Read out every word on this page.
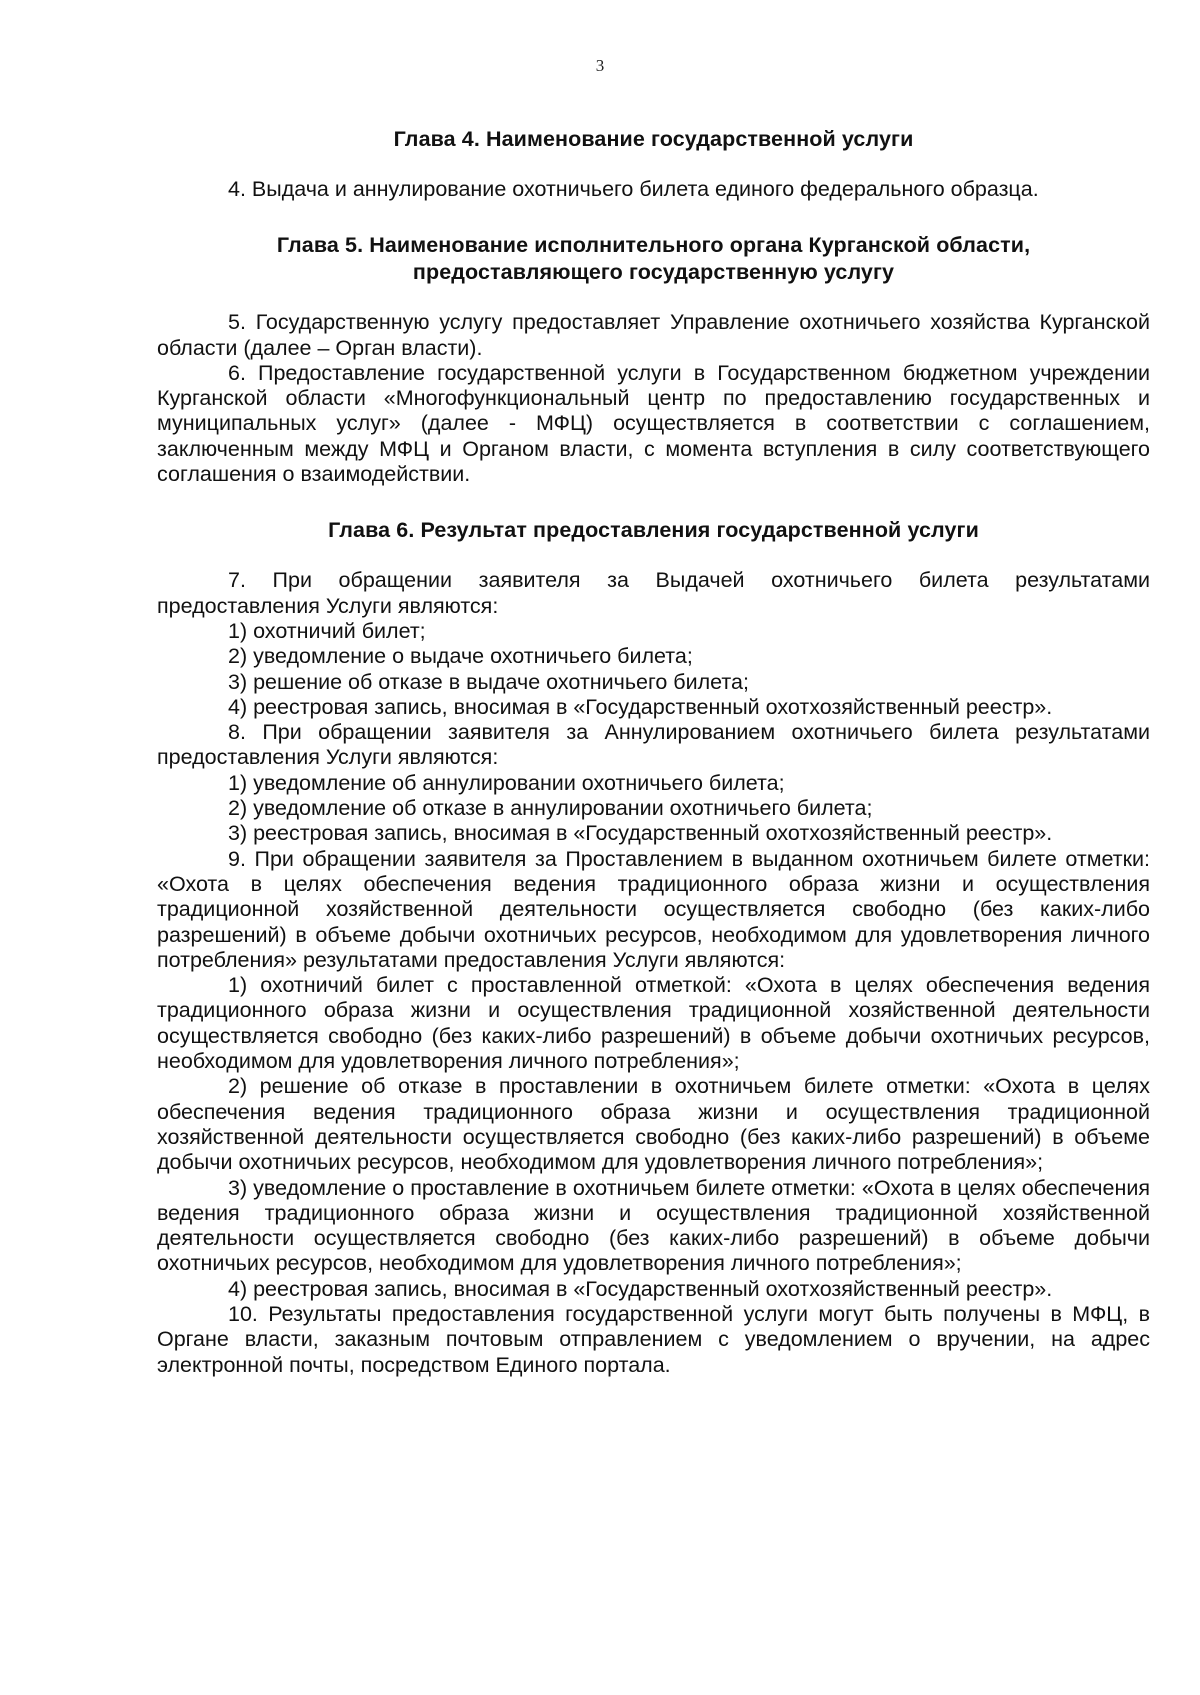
3
Глава 4. Наименование государственной услуги

4. Выдача и аннулирование охотничьего билета единого федерального образца.

Глава 5. Наименование исполнительного органа Курганской области,
предоставляющего государственную услугу

5. Государственную услугу предоставляет Управление охотничьего хозяйства Курганской области (далее – Орган власти).

6. Предоставление государственной услуги в Государственном бюджетном учреждении Курганской области «Многофункциональный центр по предоставлению государственных и муниципальных услуг» (далее - МФЦ) осуществляется в соответствии с соглашением, заключенным между МФЦ и Органом власти, с момента вступления в силу соответствующего соглашения о взаимодействии.

Глава 6. Результат предоставления государственной услуги

7. При обращении заявителя за Выдачей охотничьего билета результатами предоставления Услуги являются:

1) охотничий билет;

2) уведомление о выдаче охотничьего билета;

3) решение об отказе в выдаче охотничьего билета;

4) реестровая запись, вносимая в «Государственный охотхозяйственный реестр».

8. При обращении заявителя за Аннулированием охотничьего билета результатами предоставления Услуги являются:

1) уведомление об аннулировании охотничьего билета;

2) уведомление об отказе в аннулировании охотничьего билета;

3) реестровая запись, вносимая в «Государственный охотхозяйственный реестр».

9. При обращении заявителя за Проставлением в выданном охотничьем билете отметки: «Охота в целях обеспечения ведения традиционного образа жизни и осуществления традиционной хозяйственной деятельности осуществляется свободно (без каких-либо разрешений) в объеме добычи охотничьих ресурсов, необходимом для удовлетворения личного потребления» результатами предоставления Услуги являются:

1) охотничий билет с проставленной отметкой: «Охота в целях обеспечения ведения традиционного образа жизни и осуществления традиционной хозяйственной деятельности осуществляется свободно (без каких-либо разрешений) в объеме добычи охотничьих ресурсов, необходимом для удовлетворения личного потребления»;

2) решение об отказе в проставлении в охотничьем билете отметки: «Охота в целях обеспечения ведения традиционного образа жизни и осуществления традиционной хозяйственной деятельности осуществляется свободно (без каких-либо разрешений) в объеме добычи охотничьих ресурсов, необходимом для удовлетворения личного потребления»;

3) уведомление о проставление в охотничьем билете отметки: «Охота в целях обеспечения ведения традиционного образа жизни и осуществления традиционной хозяйственной деятельности осуществляется свободно (без каких-либо разрешений) в объеме добычи охотничьих ресурсов, необходимом для удовлетворения личного потребления»;

4) реестровая запись, вносимая в «Государственный охотхозяйственный реестр».

10. Результаты предоставления государственной услуги могут быть получены в МФЦ, в Органе власти, заказным почтовым отправлением с уведомлением о вручении, на адрес электронной почты, посредством Единого портала.
